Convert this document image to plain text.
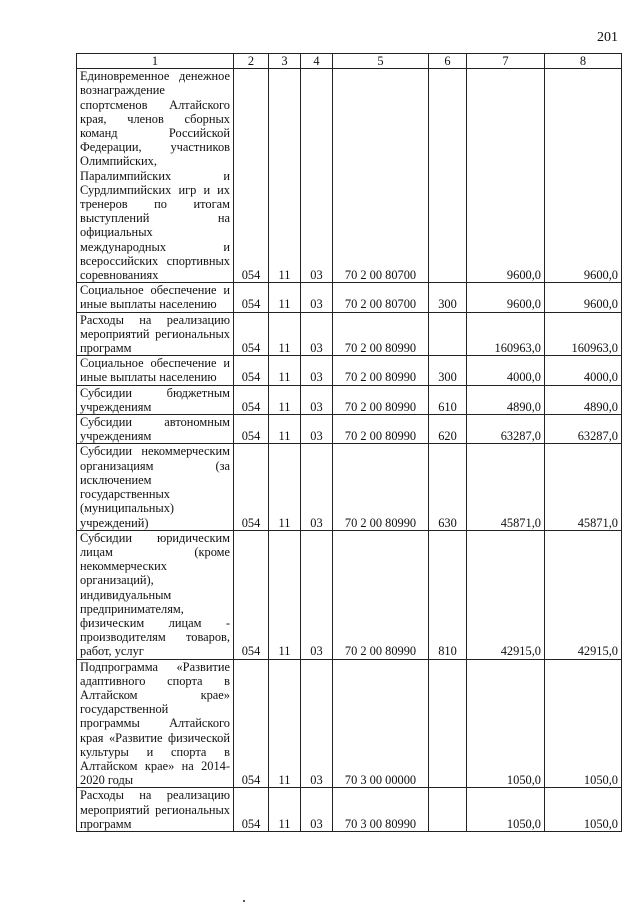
201
1	2	3	4	5	6	7	8
Единовременное денежное вознаграждение спортсменов Алтайского края, членов сборных команд Российской Федерации, участников Олимпийских, Паралимпийских и Сурдлимпийских игр и их тренеров по итогам выступлений на официальных международных и всероссийских спортивных соревнованиях	054	11	03	70 2 00 80700		9600,0	9600,0
Социальное обеспечение и иные выплаты населению	054	11	03	70 2 00 80700	300	9600,0	9600,0
Расходы на реализацию мероприятий региональных программ	054	11	03	70 2 00 80990		160963,0	160963,0
Социальное обеспечение и иные выплаты населению	054	11	03	70 2 00 80990	300	4000,0	4000,0
Субсидии бюджетным учреждениям	054	11	03	70 2 00 80990	610	4890,0	4890,0
Субсидии автономным учреждениям	054	11	03	70 2 00 80990	620	63287,0	63287,0
Субсидии некоммерческим организациям (за исключением государственных (муниципальных) учреждений)	054	11	03	70 2 00 80990	630	45871,0	45871,0
Субсидии юридическим лицам (кроме некоммерческих организаций), индивидуальным предпринимателям, физическим лицам - производителям товаров, работ, услуг	054	11	03	70 2 00 80990	810	42915,0	42915,0
Подпрограмма «Развитие адаптивного спорта в Алтайском крае» государственной программы Алтайского края «Развитие физической культуры и спорта в Алтайском крае» на 2014-2020 годы	054	11	03	70 3 00 00000		1050,0	1050,0
Расходы на реализацию мероприятий региональных программ	054	11	03	70 3 00 80990		1050,0	1050,0
